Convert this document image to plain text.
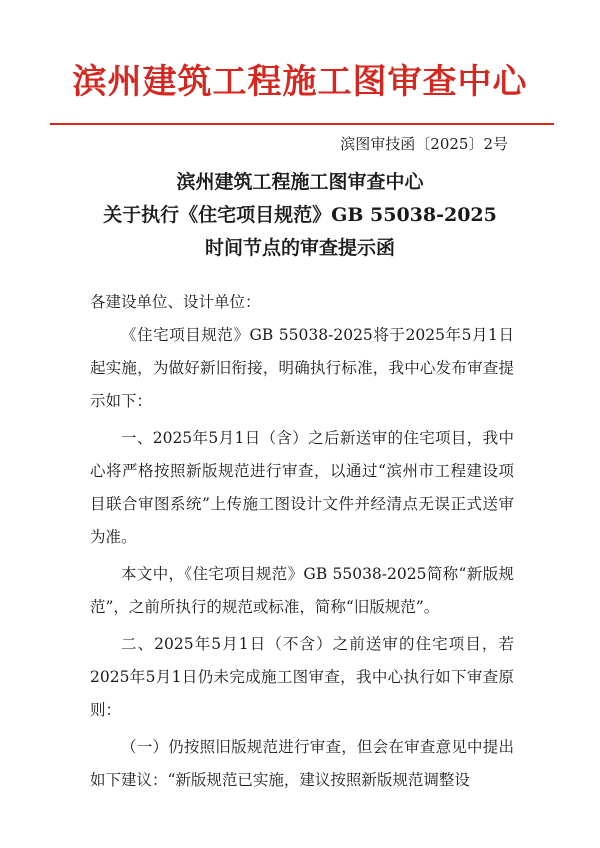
滨州建筑工程施工图审查中心
滨图审技函〔2025〕2号
滨州建筑工程施工图审查中心
关于执行《住宅项目规范》GB 55038-2025
时间节点的审查提示函

各建设单位、设计单位：

《住宅项目规范》GB 55038-2025将于2025年5月1日起实施，为做好新旧衔接，明确执行标准，我中心发布审查提示如下：

一、2025年5月1日（含）之后新送审的住宅项目，我中心将严格按照新版规范进行审查，以通过“滨州市工程建设项目联合审图系统”上传施工图设计文件并经清点无误正式送审为准。

本文中，《住宅项目规范》GB 55038-2025简称“新版规范”，之前所执行的规范或标准，简称“旧版规范”。

二、2025年5月1日（不含）之前送审的住宅项目，若2025年5月1日仍未完成施工图审查，我中心执行如下审查原则：

（一）仍按照旧版规范进行审查，但会在审查意见中提出如下建议：“新版规范已实施，建议按照新版规范调整设
